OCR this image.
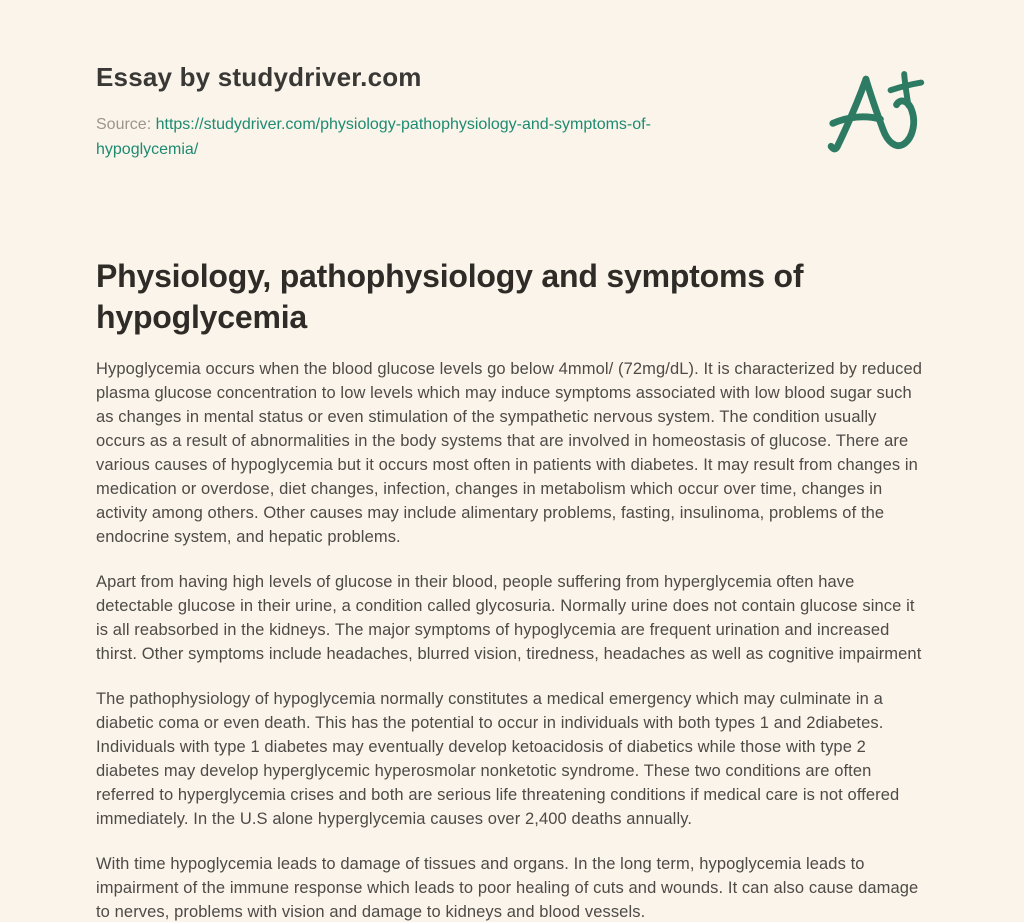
Essay by studydriver.com

Source: https://studydriver.com/physiology-pathophysiology-and-symptoms-of-
hypoglycemia/

Physiology, pathophysiology and symptoms of hypoglycemia

Hypoglycemia occurs when the blood glucose levels go below 4mmol/ (72mg/dL). It is characterized by reduced plasma glucose concentration to low levels which may induce symptoms associated with low blood sugar such as changes in mental status or even stimulation of the sympathetic nervous system. The condition usually occurs as a result of abnormalities in the body systems that are involved in homeostasis of glucose. There are various causes of hypoglycemia but it occurs most often in patients with diabetes. It may result from changes in medication or overdose, diet changes, infection, changes in metabolism which occur over time, changes in activity among others. Other causes may include alimentary problems, fasting, insulinoma, problems of the endocrine system, and hepatic problems.

Apart from having high levels of glucose in their blood, people suffering from hyperglycemia often have detectable glucose in their urine, a condition called glycosuria. Normally urine does not contain glucose since it is all reabsorbed in the kidneys. The major symptoms of hypoglycemia are frequent urination and increased thirst. Other symptoms include headaches, blurred vision, tiredness, headaches as well as cognitive impairment

The pathophysiology of hypoglycemia normally constitutes a medical emergency which may culminate in a diabetic coma or even death. This has the potential to occur in individuals with both types 1 and 2diabetes. Individuals with type 1 diabetes may eventually develop ketoacidosis of diabetics while those with type 2 diabetes may develop hyperglycemic hyperosmolar nonketotic syndrome. These two conditions are often referred to hyperglycemia crises and both are serious life threatening conditions if medical care is not offered immediately. In the U.S alone hyperglycemia causes over 2,400 deaths annually.

With time hypoglycemia leads to damage of tissues and organs. In the long term, hypoglycemia leads to impairment of the immune response which leads to poor healing of cuts and wounds. It can also cause damage to nerves, problems with vision and damage to kidneys and blood vessels.
